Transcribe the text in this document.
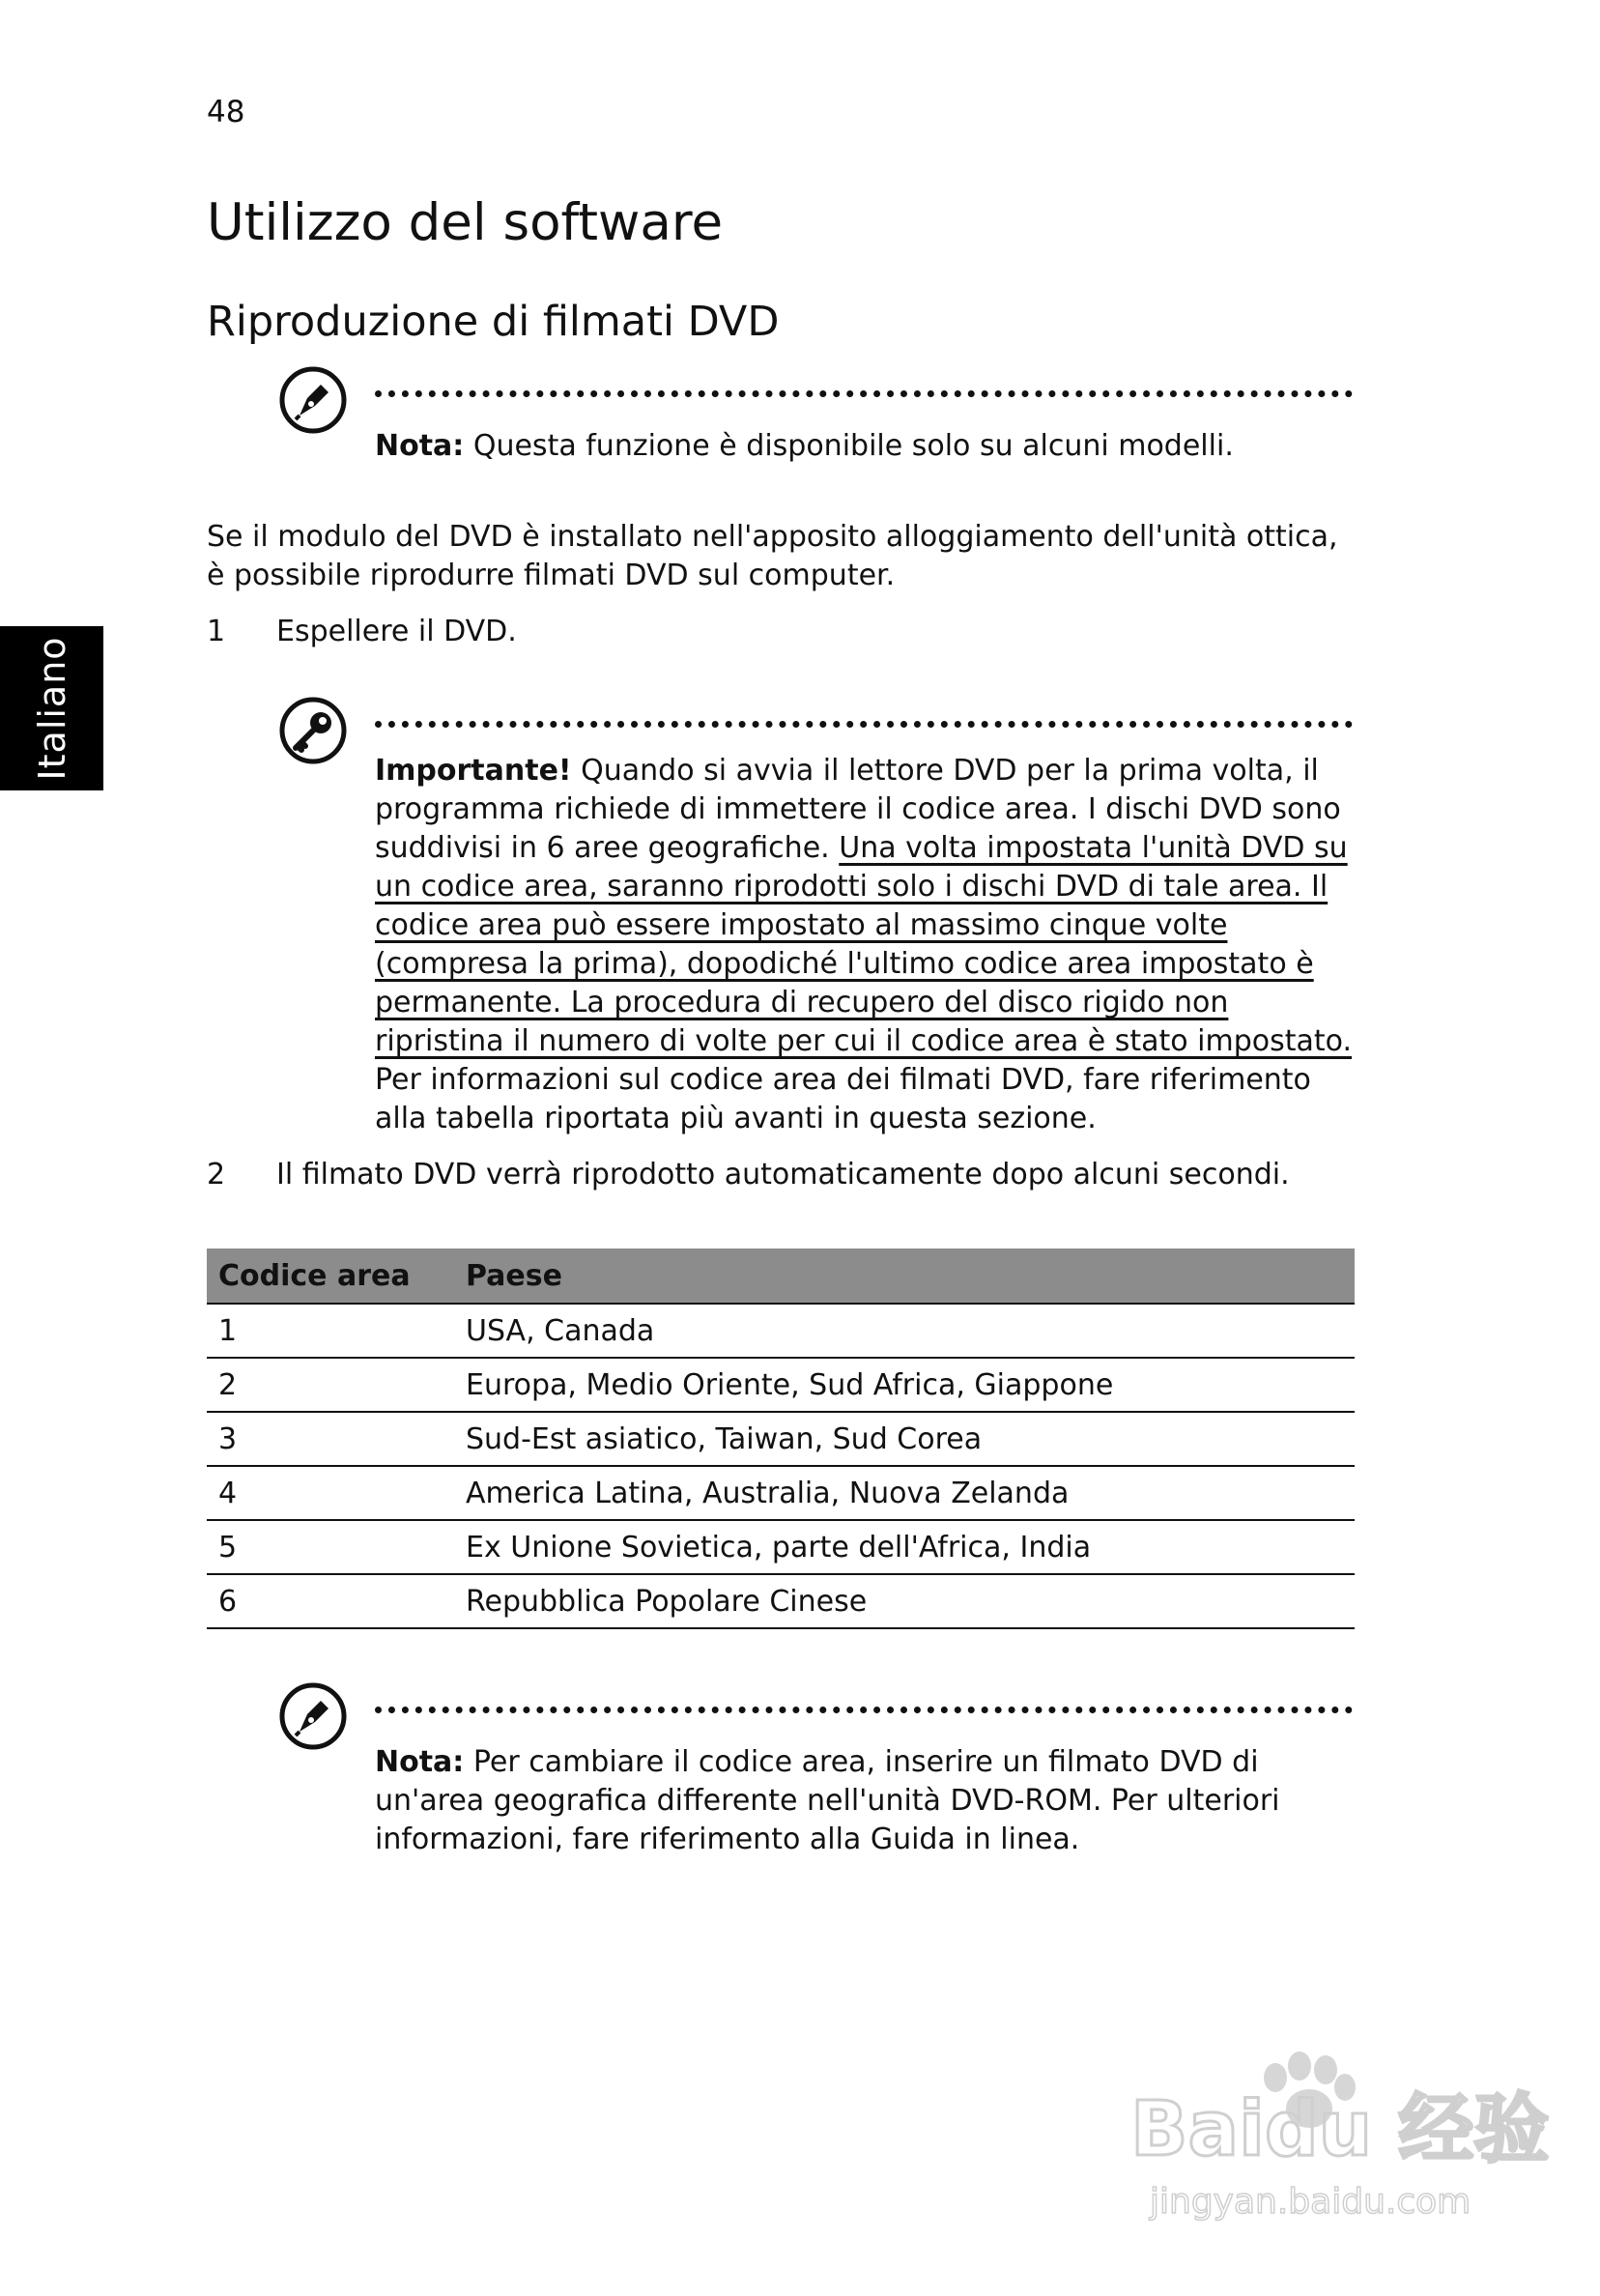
48
Italiano
Utilizzo del software
Riproduzione di filmati DVD
Nota: Questa funzione è disponibile solo su alcuni modelli.

Se il modulo del DVD è installato nell'apposito alloggiamento dell'unità ottica, è possibile riprodurre filmati DVD sul computer.

1 Espellere il DVD.
Importante! Quando si avvia il lettore DVD per la prima volta, il programma richiede di immettere il codice area. I dischi DVD sono suddivisi in 6 aree geografiche. Una volta impostata l'unità DVD su un codice area, saranno riprodotti solo i dischi DVD di tale area. Il codice area può essere impostato al massimo cinque volte (compresa la prima), dopodiché l'ultimo codice area impostato è permanente. La procedura di recupero del disco rigido non ripristina il numero di volte per cui il codice area è stato impostato. Per informazioni sul codice area dei filmati DVD, fare riferimento alla tabella riportata più avanti in questa sezione.
2 Il filmato DVD verrà riprodotto automaticamente dopo alcuni secondi.
Codice area	Paese
1	USA, Canada
2	Europa, Medio Oriente, Sud Africa, Giappone
3	Sud-Est asiatico, Taiwan, Sud Corea
4	America Latina, Australia, Nuova Zelanda
5	Ex Unione Sovietica, parte dell'Africa, India
6	Repubblica Popolare Cinese
Nota: Per cambiare il codice area, inserire un filmato DVD di un'area geografica differente nell'unità DVD-ROM. Per ulteriori informazioni, fare riferimento alla Guida in linea.
Baidu 经验
jingyan.baidu.com
